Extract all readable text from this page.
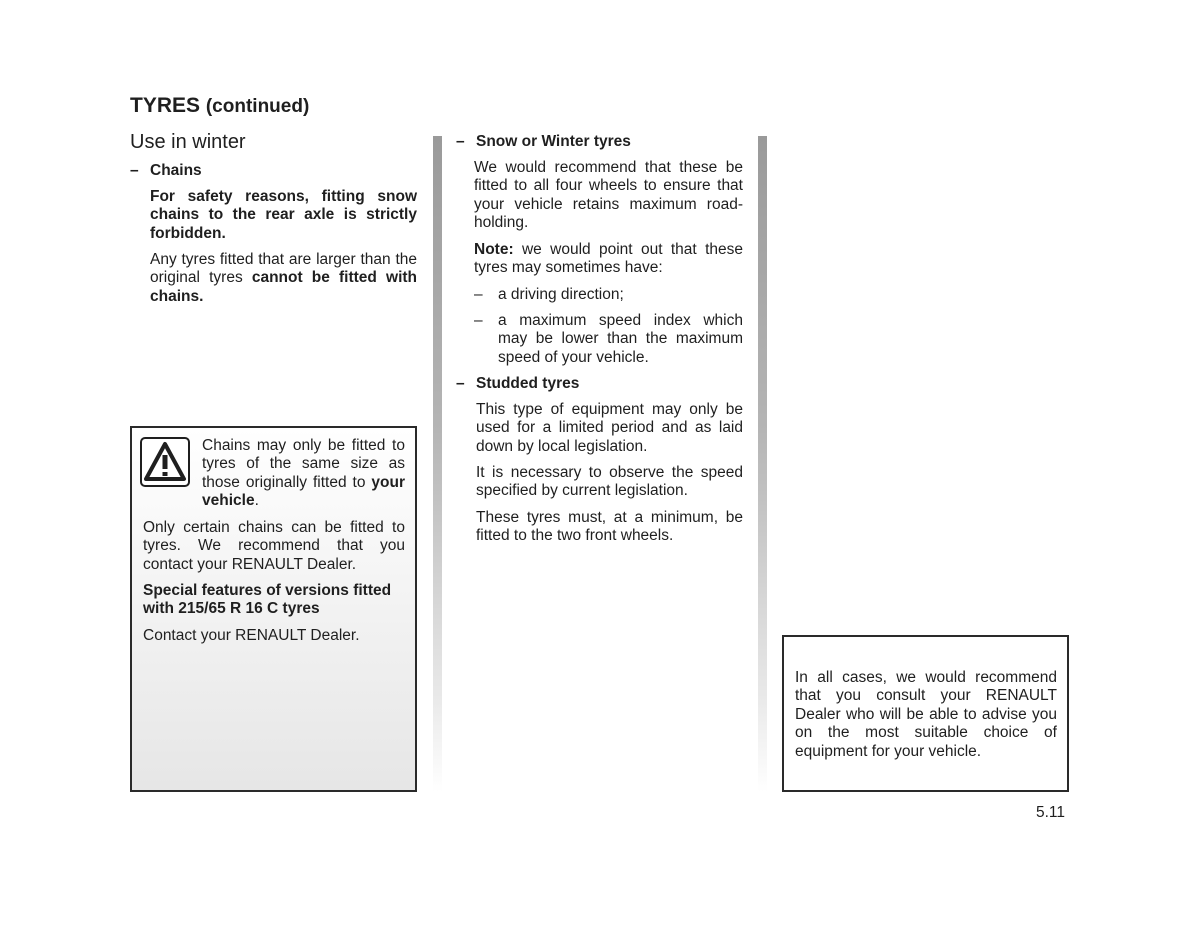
TYRES (continued)
Use in winter
– Chains
For safety reasons, fitting snow chains to the rear axle is strictly forbidden.
Any tyres fitted that are larger than the original tyres cannot be fitted with chains.
Chains may only be fitted to tyres of the same size as those originally fitted to your vehicle.
Only certain chains can be fitted to tyres. We recommend that you contact your RENAULT Dealer.
Special features of versions fitted with 215/65 R 16 C tyres
Contact your RENAULT Dealer.
– Snow or Winter tyres
We would recommend that these be fitted to all four wheels to ensure that your vehicle retains maximum road-holding.
Note: we would point out that these tyres may sometimes have:
– a driving direction;
– a maximum speed index which may be lower than the maximum speed of your vehicle.
– Studded tyres
This type of equipment may only be used for a limited period and as laid down by local legislation.
It is necessary to observe the speed specified by current legislation.
These tyres must, at a minimum, be fitted to the two front wheels.
In all cases, we would recommend that you consult your RENAULT Dealer who will be able to advise you on the most suitable choice of equipment for your vehicle.
5.11
